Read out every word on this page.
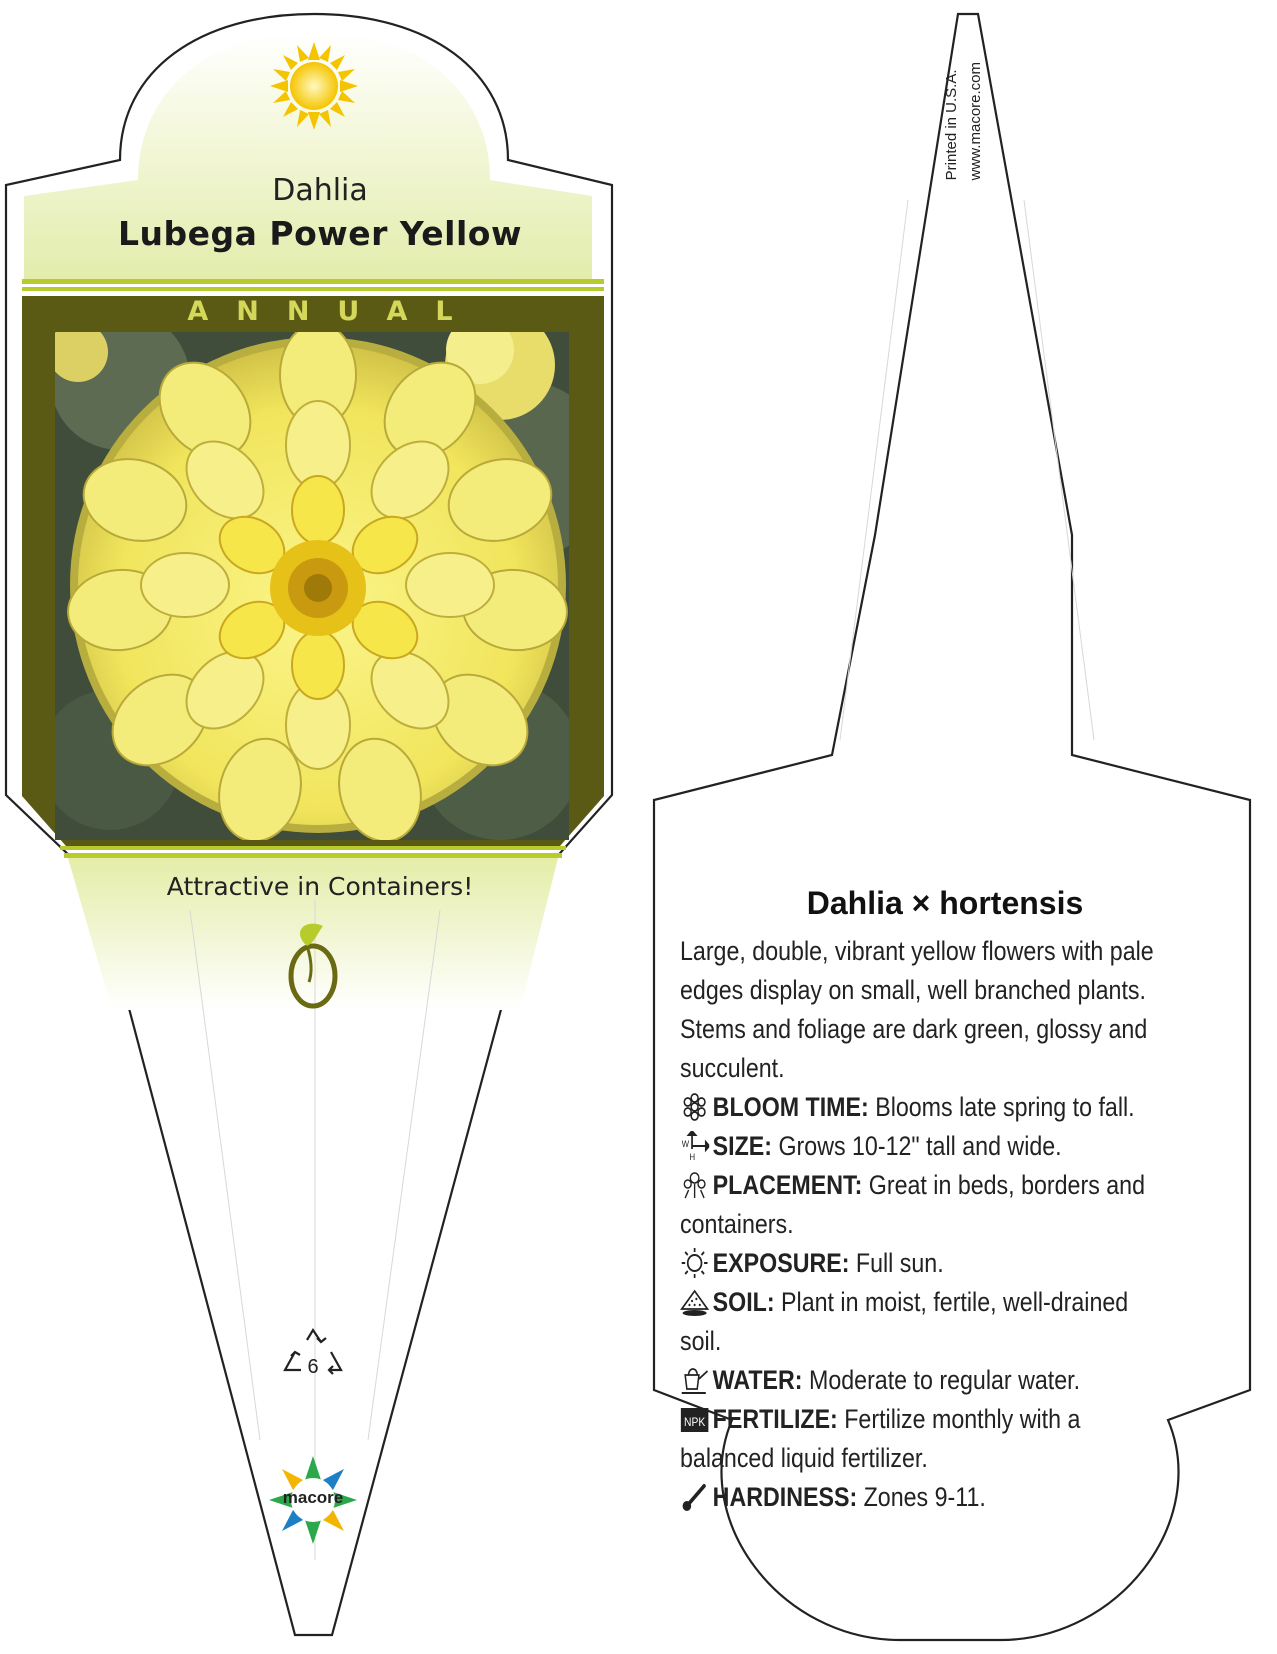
Dahlia
Lubega Power Yellow
ANNUAL
Attractive in Containers!
6
macore
Printed in U.S.A. www.macore.com
Dahlia × hortensis
Large, double, vibrant yellow flowers with pale edges display on small, well branched plants. Stems and foliage are dark green, glossy and succulent.
BLOOM TIME: Blooms late spring to fall.
W
H SIZE: Grows 10-12" tall and wide.
PLACEMENT: Great in beds, borders and containers.
EXPOSURE: Full sun.
SOIL: Plant in moist, fertile, well-drained soil.
WATER: Moderate to regular water.
NPK FERTILIZE: Fertilize monthly with a balanced liquid fertilizer.
HARDINESS: Zones 9-11.
